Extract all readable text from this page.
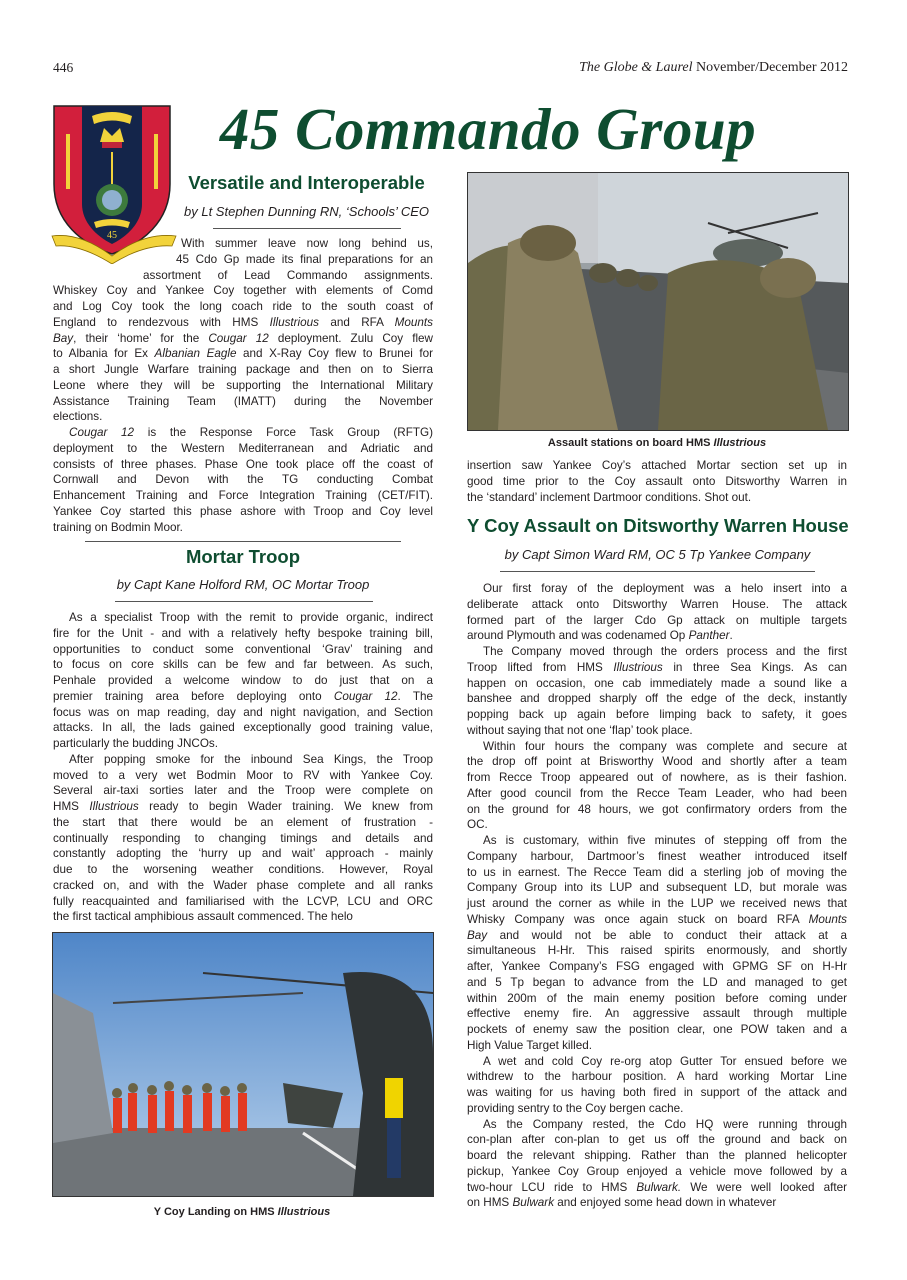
446	The Globe & Laurel November/December 2012
45
45 Commando Group
Versatile and Interoperable
by Lt Stephen Dunning RN, ‘Schools’ CEO
With summer leave now long behind us,
45 Cdo Gp made its final preparations for an
assortment of Lead Commando assignments.
Whiskey Coy and Yankee Coy together with elements of Comd
and Log Coy took the long coach ride to the south coast of
England to rendezvous with HMS Illustrious and RFA Mounts
Bay, their ‘home’ for the Cougar 12 deployment. Zulu Coy flew
to Albania for Ex Albanian Eagle and X-Ray Coy flew to Brunei for
a short Jungle Warfare training package and then on to Sierra
Leone where they will be supporting the International Military
Assistance Training Team (IMATT) during the November
elections.
Cougar 12 is the Response Force Task Group (RFTG)
deployment to the Western Mediterranean and Adriatic and
consists of three phases. Phase One took place off the coast of
Cornwall and Devon with the TG conducting Combat
Enhancement Training and Force Integration Training (CET/FIT).
Yankee Coy started this phase ashore with Troop and Coy level
training on Bodmin Moor.
Mortar Troop
by Capt Kane Holford RM, OC Mortar Troop
As a specialist Troop with the remit to provide organic, indirect
fire for the Unit - and with a relatively hefty bespoke training bill,
opportunities to conduct some conventional ‘Grav’ training and
to focus on core skills can be few and far between. As such,
Penhale provided a welcome window to do just that on a
premier training area before deploying onto Cougar 12. The
focus was on map reading, day and night navigation, and Section
attacks. In all, the lads gained exceptionally good training value,
particularly the budding JNCOs.
After popping smoke for the inbound Sea Kings, the Troop
moved to a very wet Bodmin Moor to RV with Yankee Coy.
Several air-taxi sorties later and the Troop were complete on
HMS Illustrious ready to begin Wader training. We knew from
the start that there would be an element of frustration -
continually responding to changing timings and details and
constantly adopting the ‘hurry up and wait’ approach - mainly
due to the worsening weather conditions. However, Royal
cracked on, and with the Wader phase complete and all ranks
fully reacquainted and familiarised with the LCVP, LCU and ORC
the first tactical amphibious assault commenced. The helo
Y Coy Landing on HMS Illustrious
Assault stations on board HMS Illustrious
insertion saw Yankee Coy’s attached Mortar section set up in
good time prior to the Coy assault onto Ditsworthy Warren in
the ‘standard’ inclement Dartmoor conditions. Shot out.
Y Coy Assault on Ditsworthy Warren House
by Capt Simon Ward RM, OC 5 Tp Yankee Company
Our first foray of the deployment was a helo insert into a
deliberate attack onto Ditsworthy Warren House. The attack
formed part of the larger Cdo Gp attack on multiple targets
around Plymouth and was codenamed Op Panther.
The Company moved through the orders process and the first
Troop lifted from HMS Illustrious in three Sea Kings. As can
happen on occasion, one cab immediately made a sound like a
banshee and dropped sharply off the edge of the deck, instantly
popping back up again before limping back to safety, it goes
without saying that not one ‘flap’ took place.
Within four hours the company was complete and secure at
the drop off point at Brisworthy Wood and shortly after a team
from Recce Troop appeared out of nowhere, as is their fashion.
After good council from the Recce Team Leader, who had been
on the ground for 48 hours, we got confirmatory orders from the
OC.
As is customary, within five minutes of stepping off from the
Company harbour, Dartmoor’s finest weather introduced itself
to us in earnest. The Recce Team did a sterling job of moving the
Company Group into its LUP and subsequent LD, but morale was
just around the corner as while in the LUP we received news that
Whisky Company was once again stuck on board RFA Mounts
Bay and would not be able to conduct their attack at a
simultaneous H-Hr. This raised spirits enormously, and shortly
after, Yankee Company’s FSG engaged with GPMG SF on H-Hr
and 5 Tp began to advance from the LD and managed to get
within 200m of the main enemy position before coming under
effective enemy fire. An aggressive assault through multiple
pockets of enemy saw the position clear, one POW taken and a
High Value Target killed.
A wet and cold Coy re-org atop Gutter Tor ensued before we
withdrew to the harbour position. A hard working Mortar Line
was waiting for us having both fired in support of the attack and
providing sentry to the Coy bergen cache.
As the Company rested, the Cdo HQ were running through
con-plan after con-plan to get us off the ground and back on
board the relevant shipping. Rather than the planned helicopter
pickup, Yankee Coy Group enjoyed a vehicle move followed by a
two-hour LCU ride to HMS Bulwark. We were well looked after
on HMS Bulwark and enjoyed some head down in whatever
